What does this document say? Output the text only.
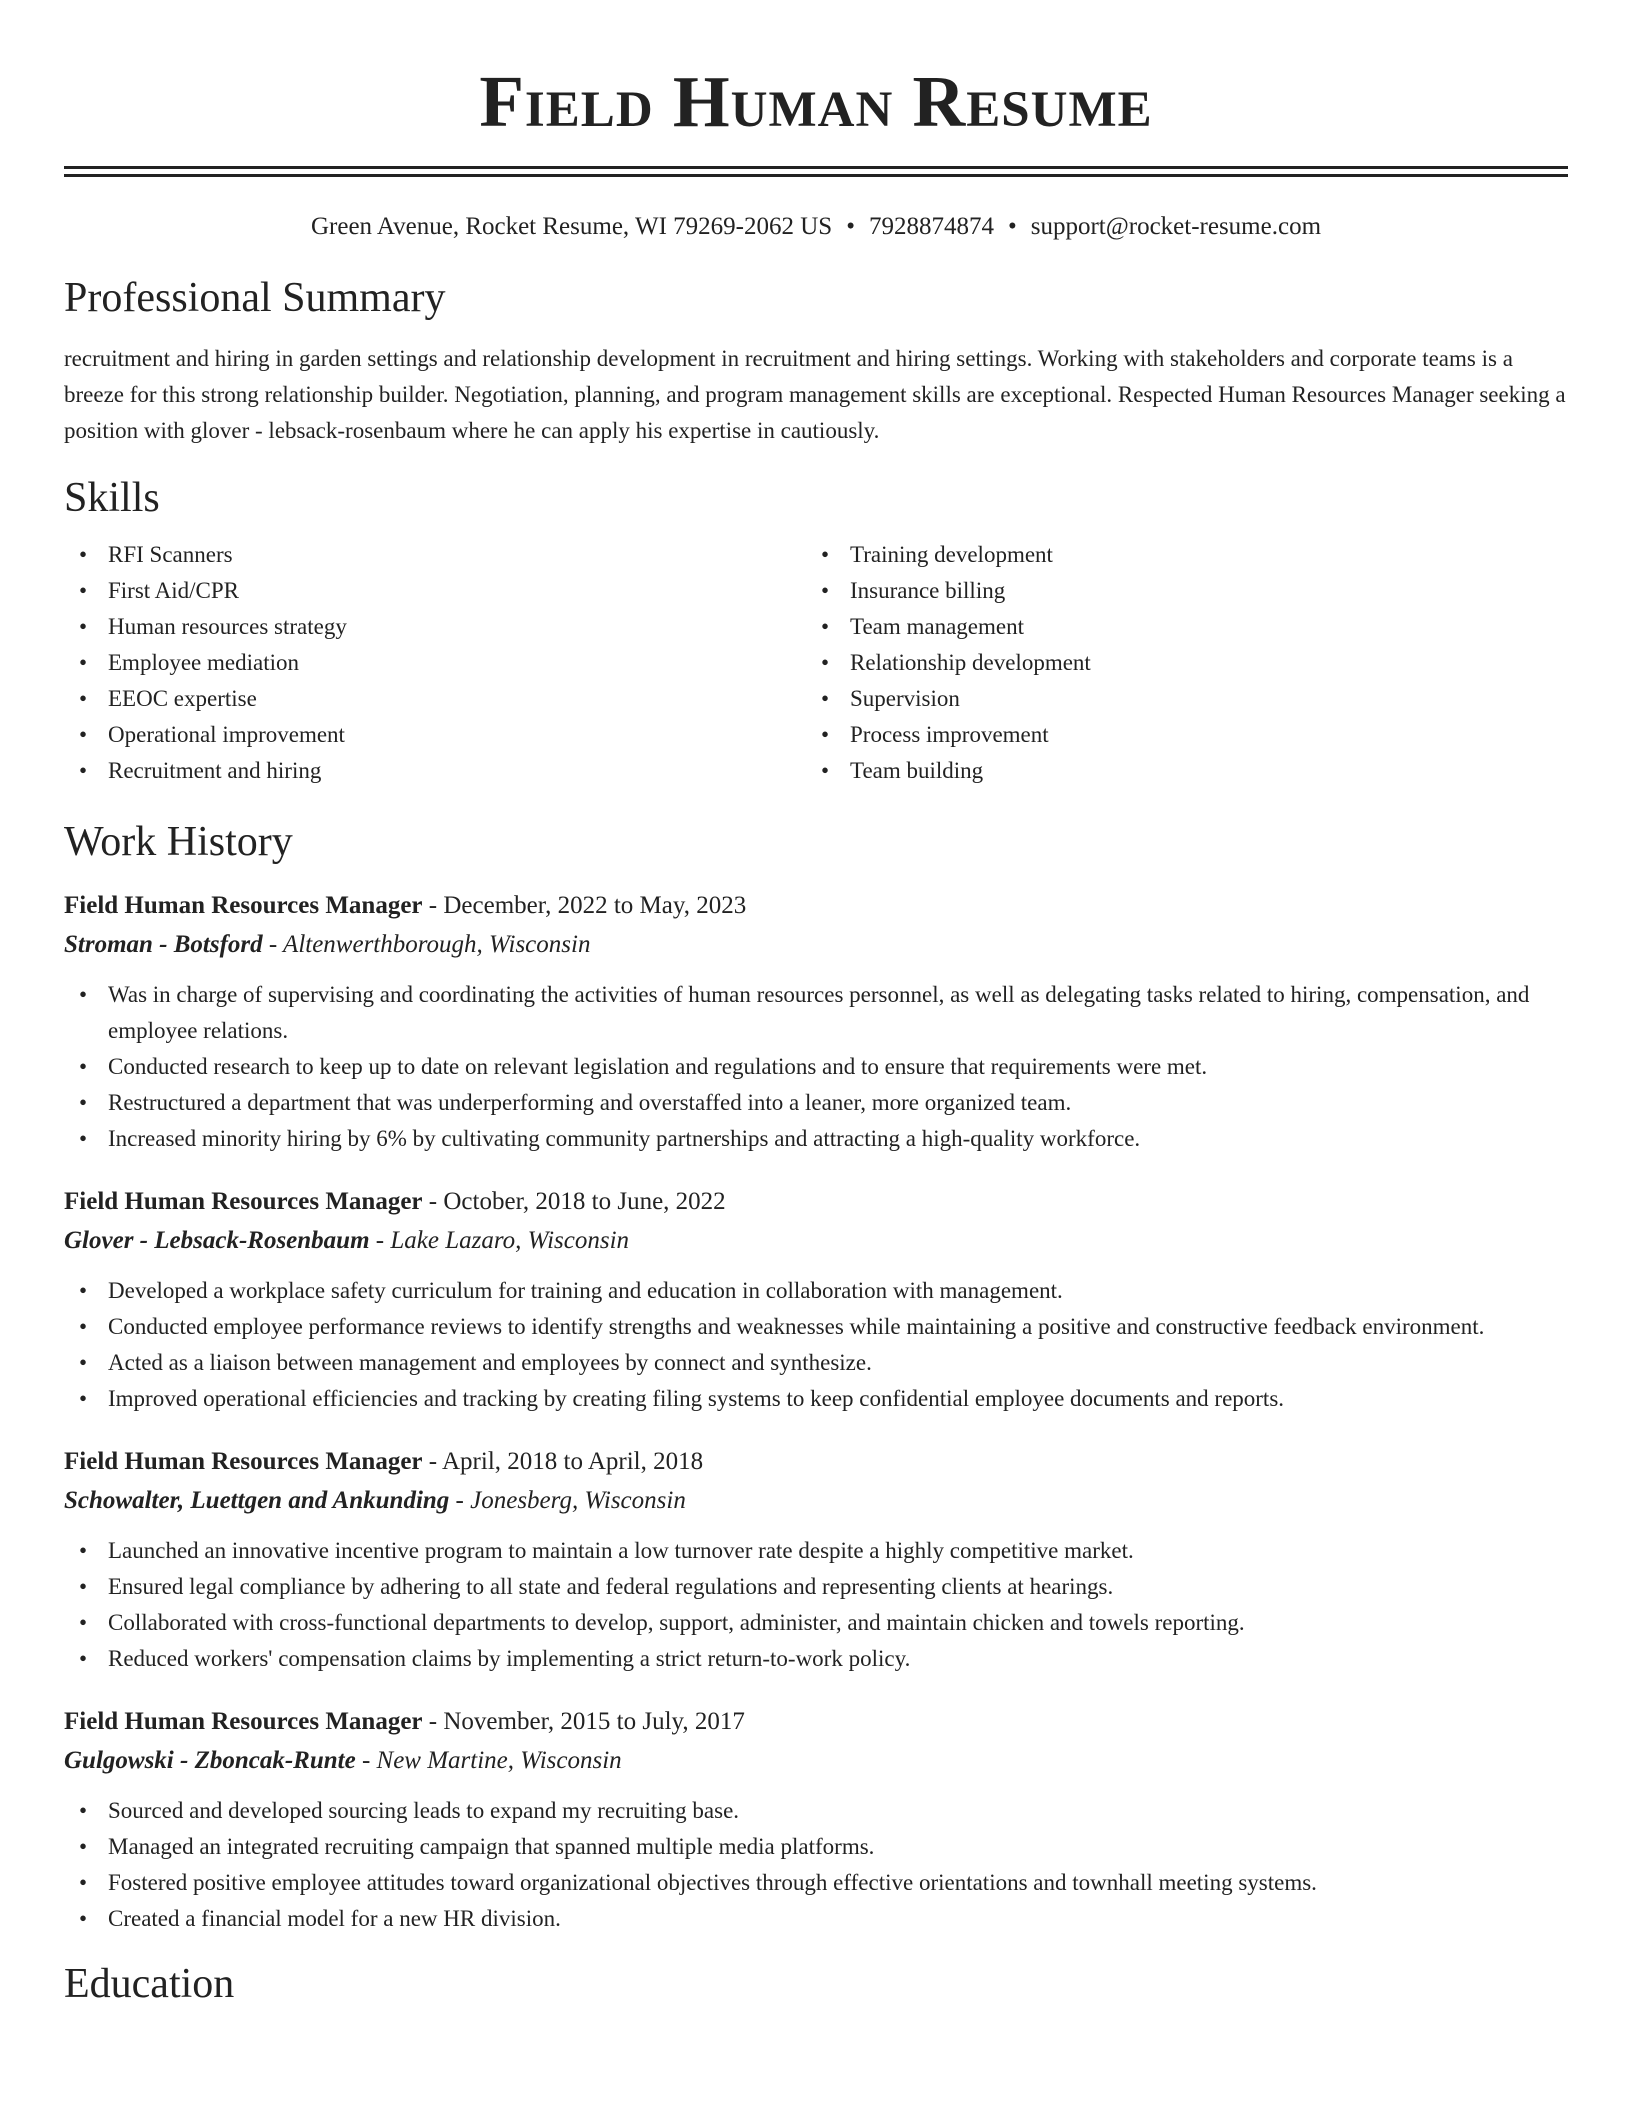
Field Human Resume
Green Avenue, Rocket Resume, WI 79269-2062 US • 7928874874 • support@rocket-resume.com
Professional Summary

recruitment and hiring in garden settings and relationship development in recruitment and hiring settings. Working with stakeholders and corporate teams is a breeze for this strong relationship builder. Negotiation, planning, and program management skills are exceptional. Respected Human Resources Manager seeking a position with glover - lebsack-rosenbaum where he can apply his expertise in cautiously.

Skills
• RFI Scanners
• First Aid/CPR
• Human resources strategy
• Employee mediation
• EEOC expertise
• Operational improvement
• Recruitment and hiring
• Training development
• Insurance billing
• Team management
• Relationship development
• Supervision
• Process improvement
• Team building
Work History
Field Human Resources Manager - December, 2022 to May, 2023
Stroman - Botsford - Altenwerthborough, Wisconsin
• Was in charge of supervising and coordinating the activities of human resources personnel, as well as delegating tasks related to hiring, compensation, and employee relations.
• Conducted research to keep up to date on relevant legislation and regulations and to ensure that requirements were met.
• Restructured a department that was underperforming and overstaffed into a leaner, more organized team.
• Increased minority hiring by 6% by cultivating community partnerships and attracting a high-quality workforce.
Field Human Resources Manager - October, 2018 to June, 2022
Glover - Lebsack-Rosenbaum - Lake Lazaro, Wisconsin
• Developed a workplace safety curriculum for training and education in collaboration with management.
• Conducted employee performance reviews to identify strengths and weaknesses while maintaining a positive and constructive feedback environment.
• Acted as a liaison between management and employees by connect and synthesize.
• Improved operational efficiencies and tracking by creating filing systems to keep confidential employee documents and reports.
Field Human Resources Manager - April, 2018 to April, 2018
Schowalter, Luettgen and Ankunding - Jonesberg, Wisconsin
• Launched an innovative incentive program to maintain a low turnover rate despite a highly competitive market.
• Ensured legal compliance by adhering to all state and federal regulations and representing clients at hearings.
• Collaborated with cross-functional departments to develop, support, administer, and maintain chicken and towels reporting.
• Reduced workers' compensation claims by implementing a strict return-to-work policy.
Field Human Resources Manager - November, 2015 to July, 2017
Gulgowski - Zboncak-Runte - New Martine, Wisconsin
• Sourced and developed sourcing leads to expand my recruiting base.
• Managed an integrated recruiting campaign that spanned multiple media platforms.
• Fostered positive employee attitudes toward organizational objectives through effective orientations and townhall meeting systems.
• Created a financial model for a new HR division.
Education
